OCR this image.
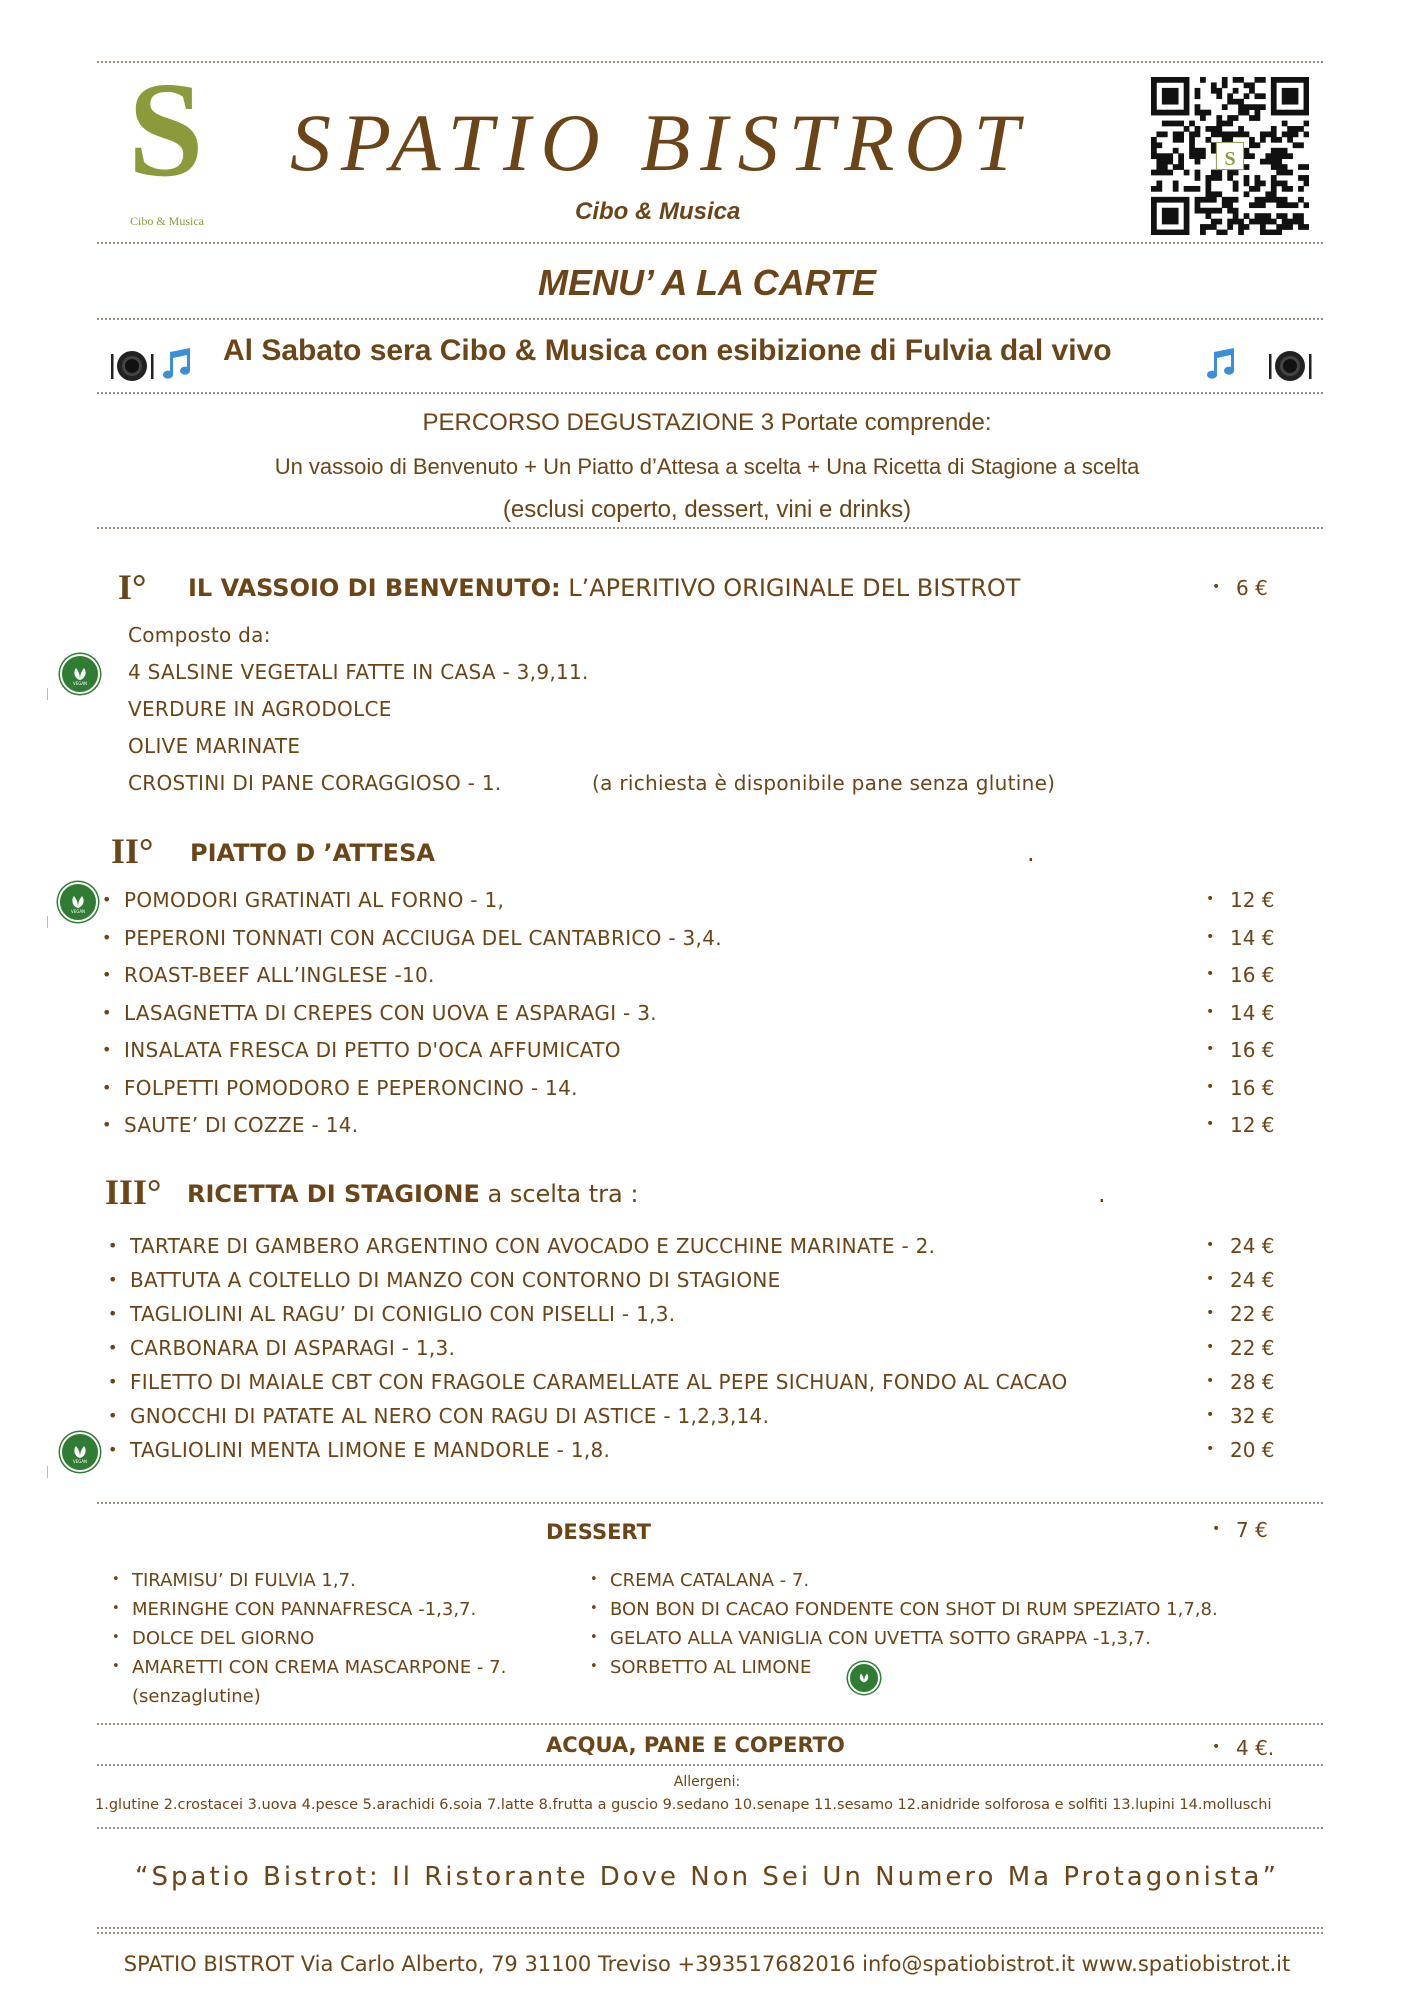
S
Cibo & Musica
SPATIO BISTROT
Cibo & Musica
S
MENU’ A LA CARTE
Al Sabato sera Cibo & Musica con esibizione di Fulvia dal vivo
PERCORSO DEGUSTAZIONE 3 Portate comprende:
Un vassoio di Benvenuto + Un Piatto d’Attesa a scelta + Una Ricetta di Stagione a scelta
(esclusi coperto, dessert, vini e drinks)
I° IL VASSOIO DI BENVENUTO: L’APERITIVO ORIGINALE DEL BISTROT	• 6 €
Composto da:
VEGAN 4 SALSINE VEGETALI FATTE IN CASA - 3,9,11.
VERDURE IN AGRODOLCE
OLIVE MARINATE
CROSTINI DI PANE CORAGGIOSO - 1.	(a richiesta è disponibile pane senza glutine)
II° PIATTO D ’ATTESA	.
VEGAN • POMODORI GRATINATI AL FORNO - 1,	• 12 €
• PEPERONI TONNATI CON ACCIUGA DEL CANTABRICO - 3,4.	• 14 €
• ROAST-BEEF ALL’INGLESE -10.	• 16 €
• LASAGNETTA DI CREPES CON UOVA E ASPARAGI - 3.	• 14 €
• INSALATA FRESCA DI PETTO D'OCA AFFUMICATO	• 16 €
• FOLPETTI POMODORO E PEPERONCINO - 14.	• 16 €
• SAUTE’ DI COZZE - 14.	• 12 €
III° RICETTA DI STAGIONE a scelta tra :	.
VEGAN
• TARTARE DI GAMBERO ARGENTINO CON AVOCADO E ZUCCHINE MARINATE - 2.	• 24 €
• BATTUTA A COLTELLO DI MANZO CON CONTORNO DI STAGIONE	• 24 €
• TAGLIOLINI AL RAGU’ DI CONIGLIO CON PISELLI - 1,3.	• 22 €
• CARBONARA DI ASPARAGI - 1,3.	• 22 €
• FILETTO DI MAIALE CBT CON FRAGOLE CARAMELLATE AL PEPE SICHUAN, FONDO AL CACAO	• 28 €
• GNOCCHI DI PATATE AL NERO CON RAGU DI ASTICE - 1,2,3,14.	• 32 €
• TAGLIOLINI MENTA LIMONE E MANDORLE - 1,8.	• 20 €
DESSERT	• 7 €
• TIRAMISU’ DI FULVIA 1,7.
• MERINGHE CON PANNAFRESCA -1,3,7.
• DOLCE DEL GIORNO
• AMARETTI CON CREMA MASCARPONE - 7.
(senzaglutine)
• CREMA CATALANA - 7.
• BON BON DI CACAO FONDENTE CON SHOT DI RUM SPEZIATO 1,7,8.
• GELATO ALLA VANIGLIA CON UVETTA SOTTO GRAPPA -1,3,7.
• SORBETTO AL LIMONE
ACQUA, PANE E COPERTO	• 4 €.
Allergeni:
1.glutine 2.crostacei 3.uova 4.pesce 5.arachidi 6.soia 7.latte 8.frutta a guscio 9.sedano 10.senape 11.sesamo 12.anidride solforosa e solfiti 13.lupini 14.molluschi
“Spatio Bistrot: Il Ristorante Dove Non Sei Un Numero Ma Protagonista”
SPATIO BISTROT Via Carlo Alberto, 79 31100 Treviso +393517682016 info@spatiobistrot.it www.spatiobistrot.it
